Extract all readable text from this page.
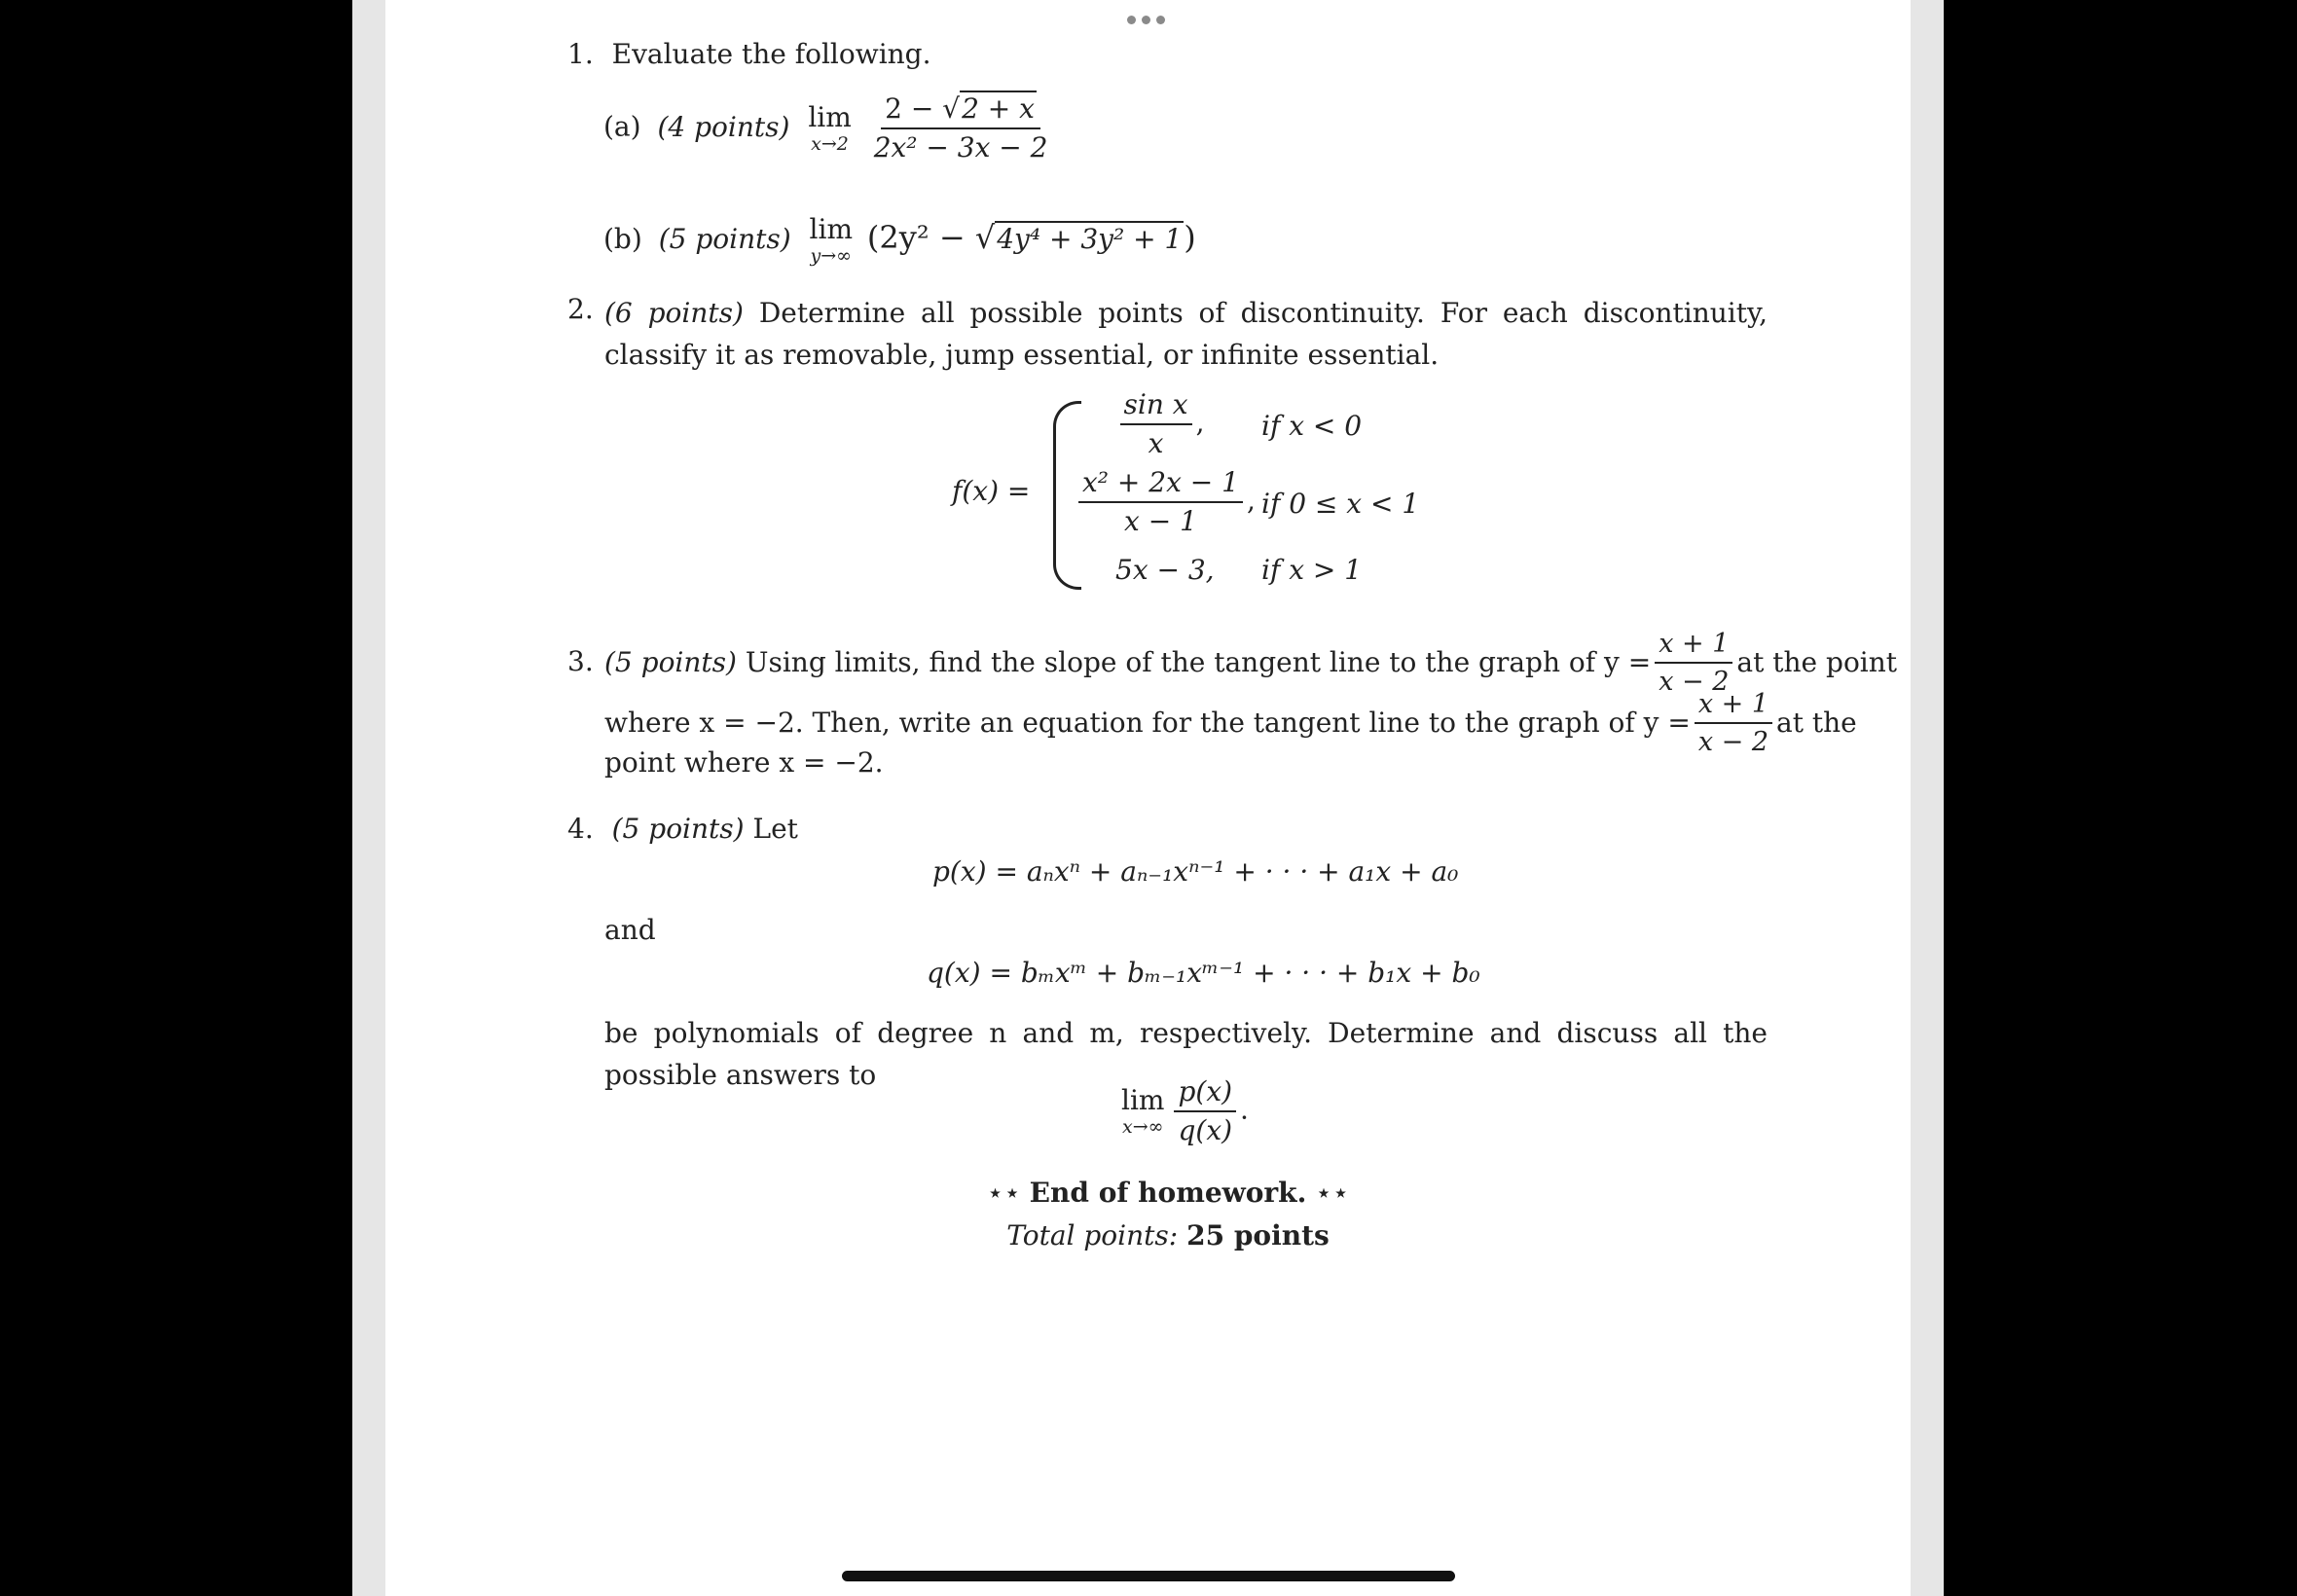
1. Evaluate the following.
(a) (4 points) lim
x→2
$\frac{2 - √2 + x}{\text{2x² − 3x − 2}}$
(b) (5 points) lim
y→∞ (2y² − √4y⁴ + 3y² + 1)
2. (6 points) Determine all possible points of discontinuity. For each discontinuity, classify it as removable, jump essential, or infinite essential.
f(x) =
$\frac{\text{sin x}}{x}$ ,	if x < 0
$\frac{\text{x² + 2x − 1}}{x - 1}$ , if 0 ≤ x < 1
5x − 3, if x > 1
3. (5 points) Using limits, find the slope of the tangent line to the graph of $y = \frac{x + 1}{x - 2}$ at the point
where x = −2. Then, write an equation for the tangent line to the graph of $y = \frac{x + 1}{x - 2}$ at the
point where x = −2.
4. (5 points) Let
p(x) = aₙxⁿ + aₙ₋₁xⁿ⁻¹ + · · · + a₁x + a₀
and
q(x) = bₘxᵐ + bₘ₋₁xᵐ⁻¹ + · · · + b₁x + b₀
be polynomials of degree n and m, respectively. Determine and discuss all the possible answers to
lim
$x\to\infty \frac{p(x)}{q(x)}$ .
⋆⋆ End of homework. ⋆⋆
Total points: 25 points
